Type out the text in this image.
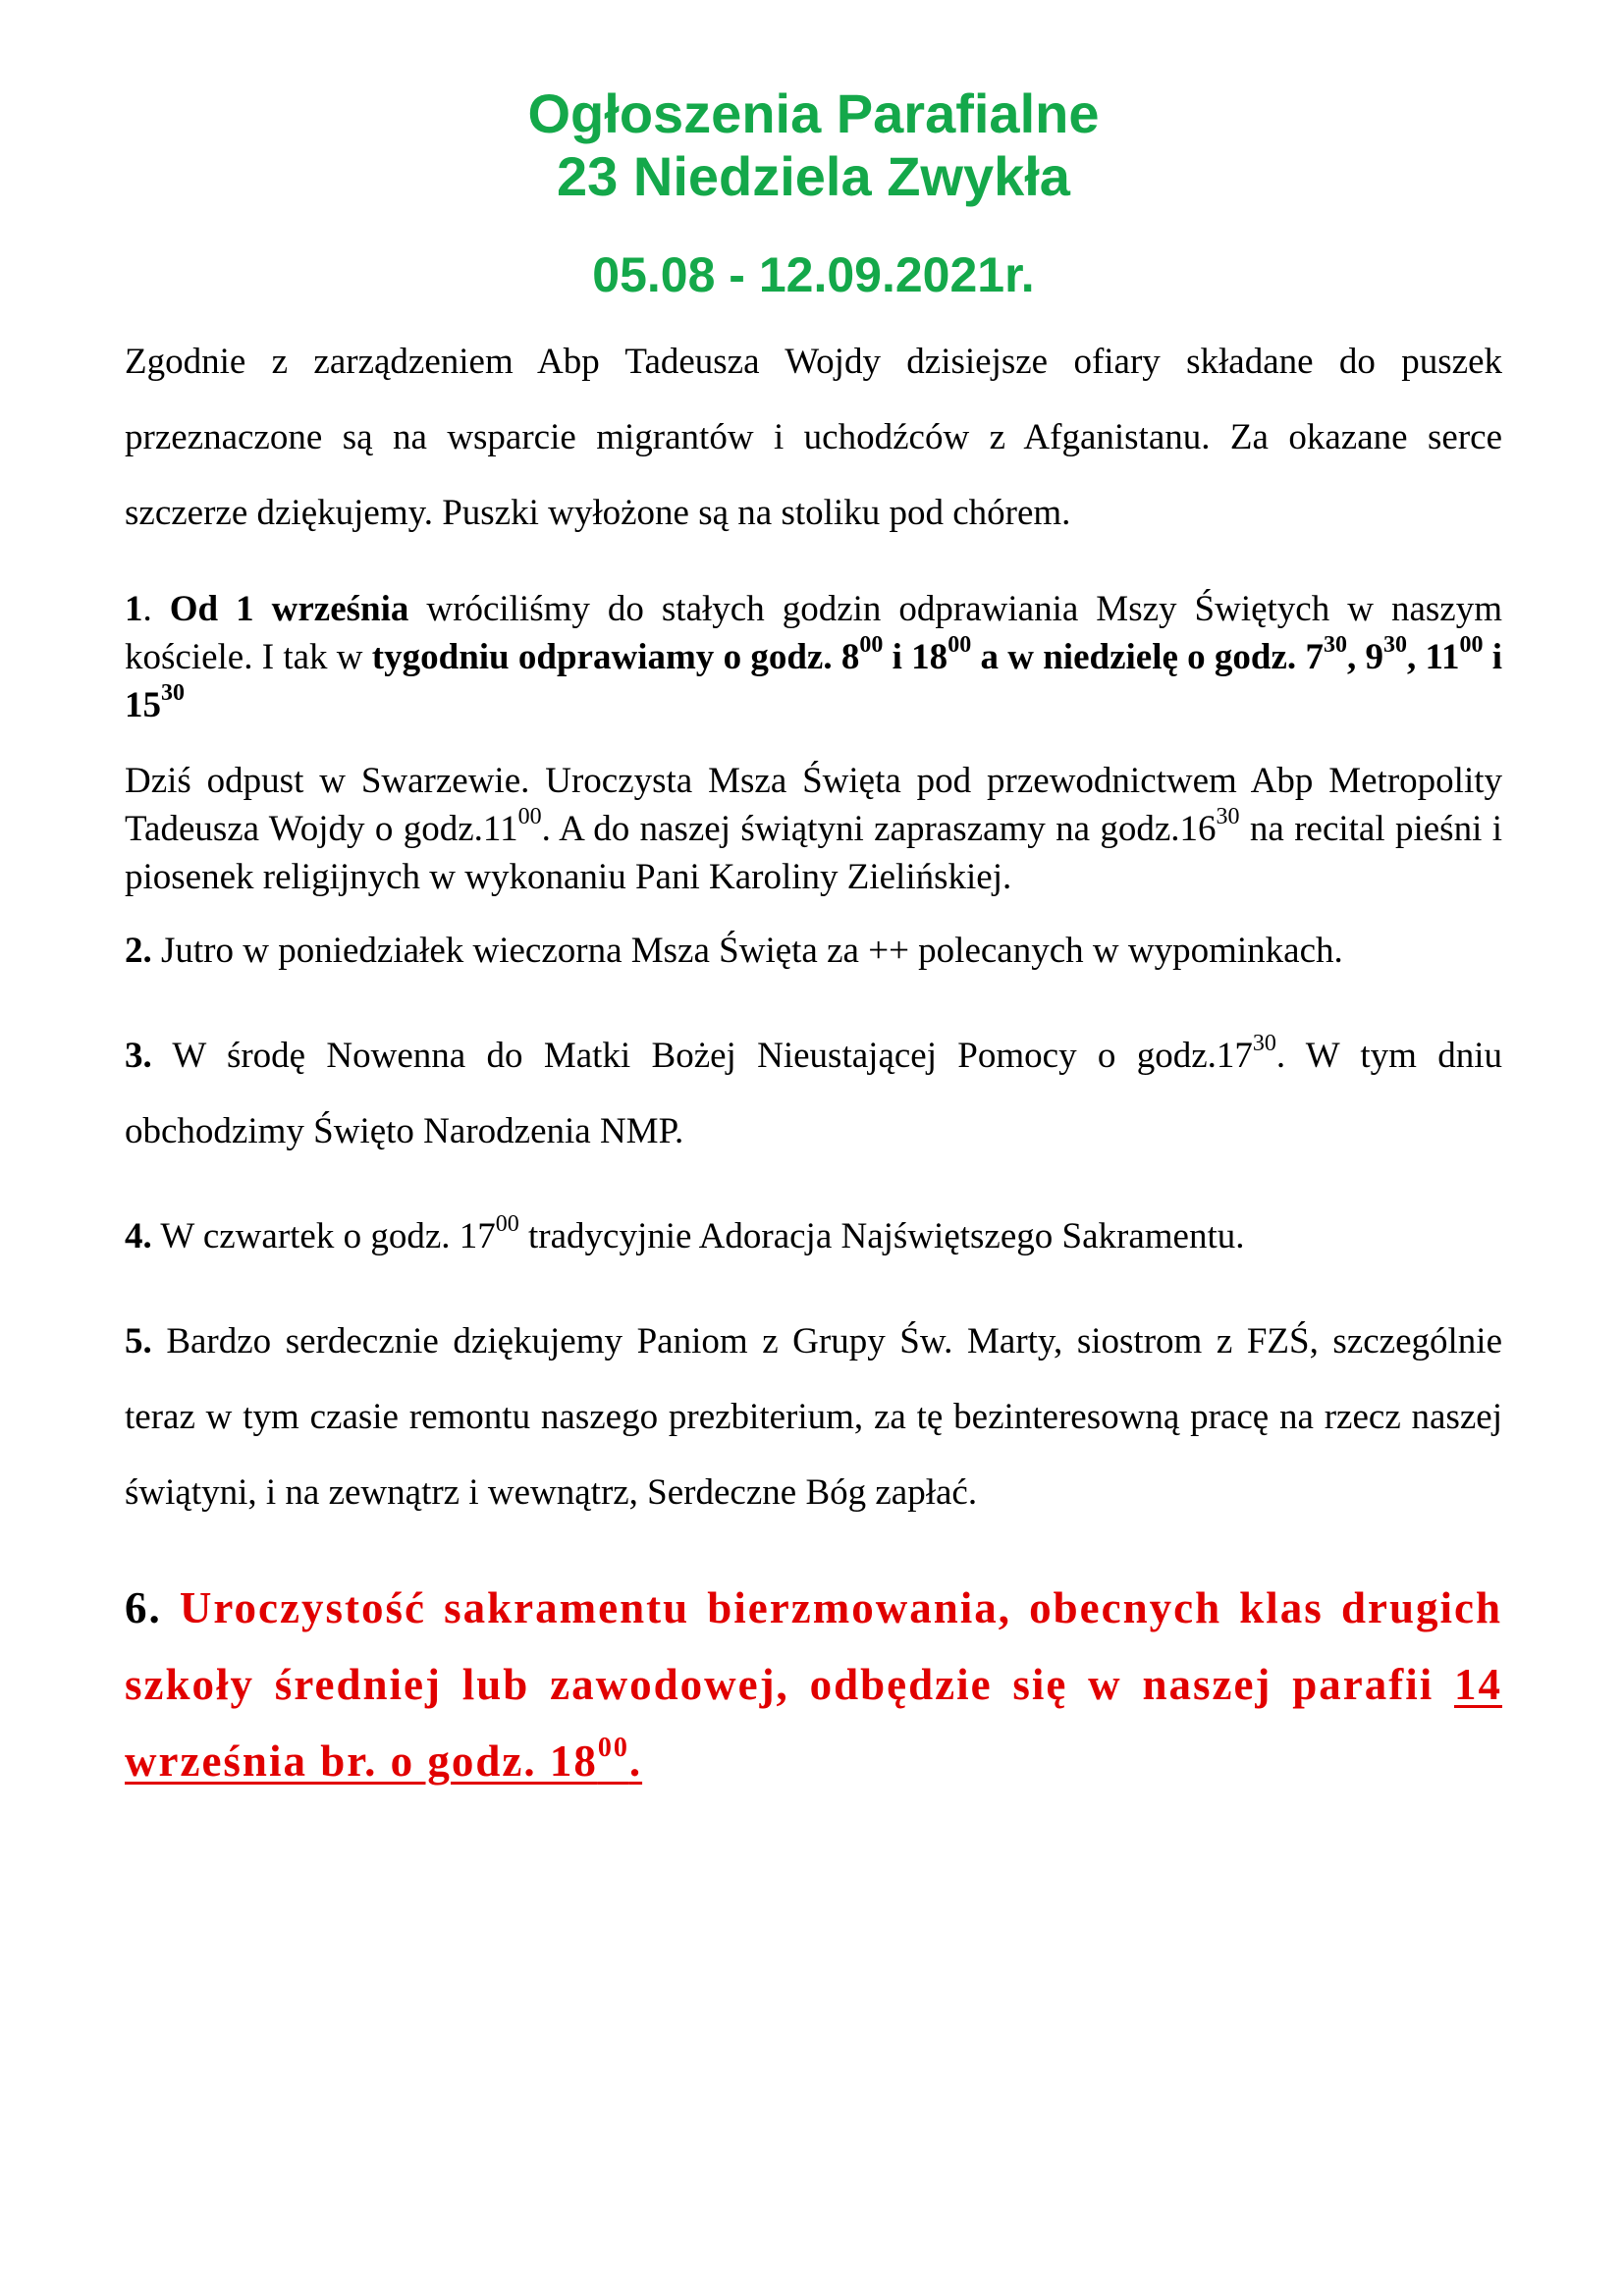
Ogłoszenia Parafialne
23 Niedziela Zwykła
05.08 - 12.09.2021r.

Zgodnie z zarządzeniem Abp Tadeusza Wojdy dzisiejsze ofiary składane do puszek przeznaczone są na wsparcie migrantów i uchodźców z Afganistanu. Za okazane serce szczerze dziękujemy. Puszki wyłożone są na stoliku pod chórem.

1. Od 1 września wróciliśmy do stałych godzin odprawiania Mszy Świętych w naszym kościele. I tak w tygodniu odprawiamy o godz. $8^{00}$ i $18^{00}$ a w niedzielę o godz. $7^{30}$, $9^{30}$, $11^{00}$ i $15^{30}$

Dziś odpust w Swarzewie. Uroczysta Msza Święta pod przewodnictwem Abp Metropolity Tadeusza Wojdy o $godz.11^{00}$. A do naszej świątyni zapraszamy na $godz.16^{30}$ na recital pieśni i piosenek religijnych w wykonaniu Pani Karoliny Zielińskiej.

2. Jutro w poniedziałek wieczorna Msza Święta za ++ polecanych w wypominkach.

3. W środę Nowenna do Matki Bożej Nieustającej Pomocy o $godz.17^{30}$. W tym dniu obchodzimy Święto Narodzenia NMP.

4. W czwartek o godz. $17^{00}$ tradycyjnie Adoracja Najświętszego Sakramentu.

5. Bardzo serdecznie dziękujemy Paniom z Grupy Św. Marty, siostrom z FZŚ, szczególnie teraz w tym czasie remontu naszego prezbiterium, za tę bezinteresowną pracę na rzecz naszej świątyni, i na zewnątrz i wewnątrz, Serdeczne Bóg zapłać.

6. Uroczystość sakramentu bierzmowania, obecnych klas drugich szkoły średniej lub zawodowej, odbędzie się w naszej parafii 14 września br. o godz. $18^{00}$.
